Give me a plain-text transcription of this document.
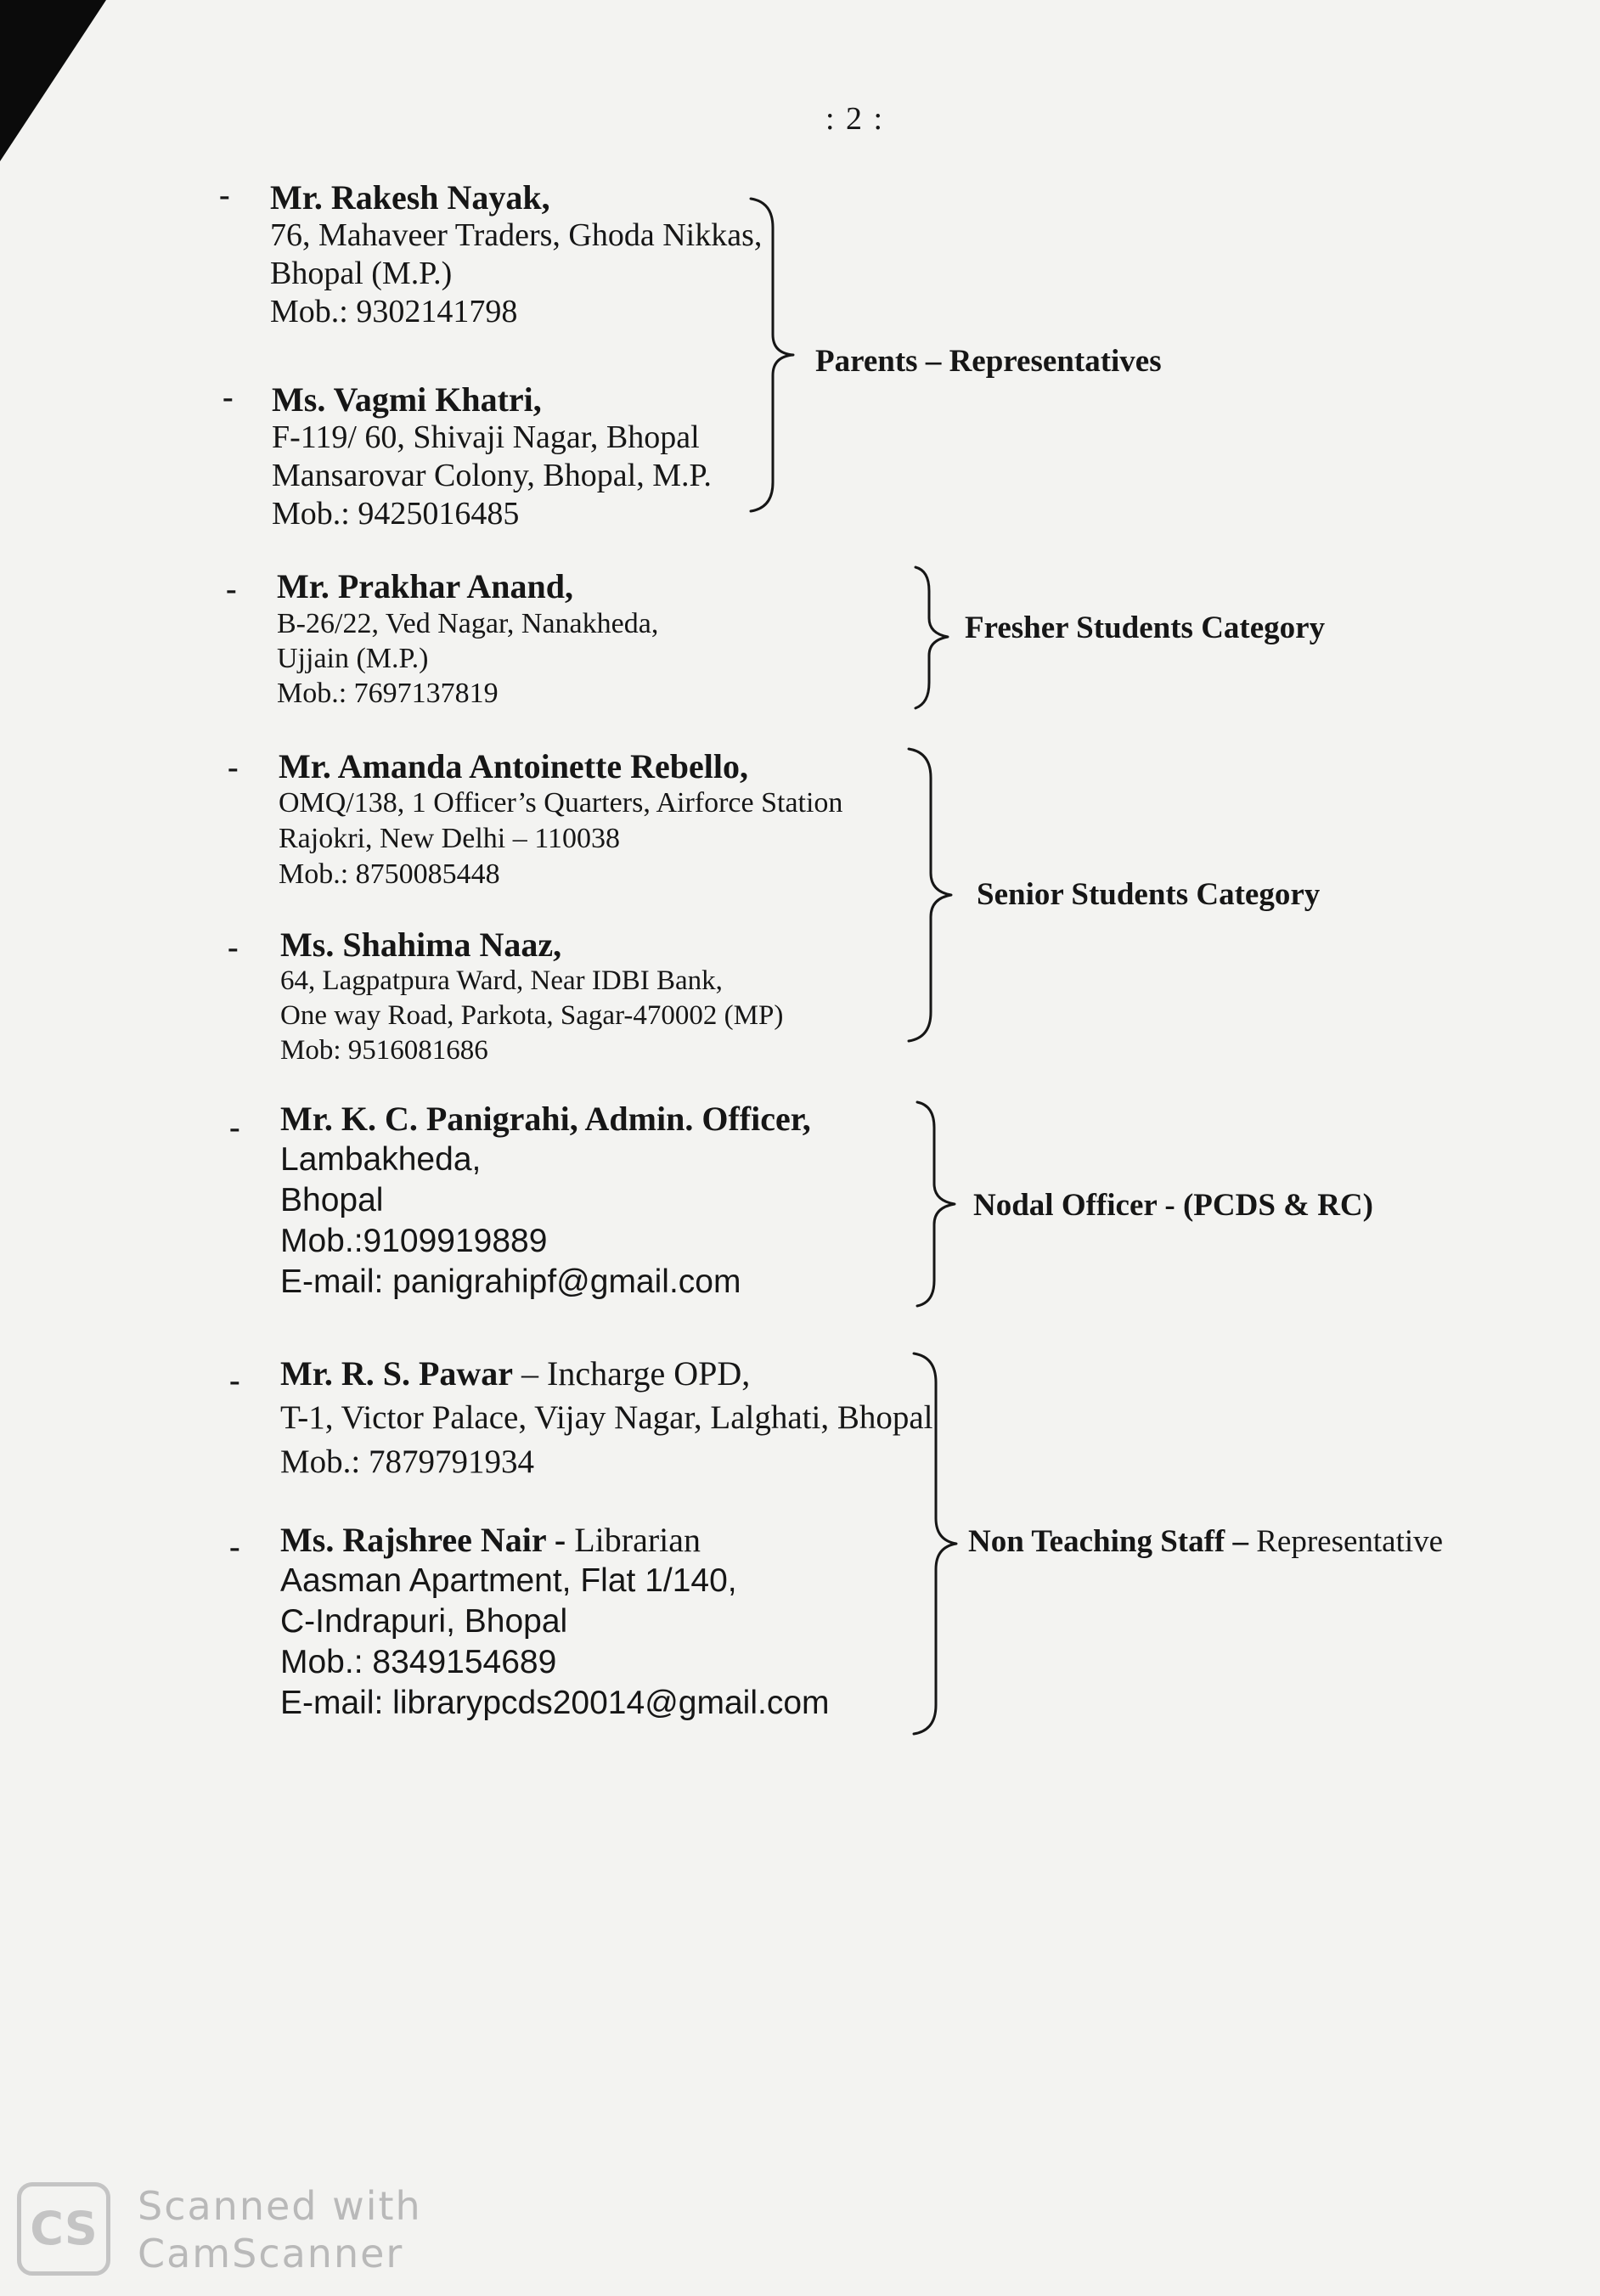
: 2 :
- Mr. Rakesh Nayak,
76, Mahaveer Traders, Ghoda Nikkas,
Bhopal (M.P.)
Mob.: 9302141798
- Ms. Vagmi Khatri,
F-119/ 60, Shivaji Nagar, Bhopal
Mansarovar Colony, Bhopal, M.P.
Mob.: 9425016485
- Mr. Prakhar Anand,
B-26/22, Ved Nagar, Nanakheda,
Ujjain (M.P.)
Mob.: 7697137819
- Mr. Amanda Antoinette Rebello,
OMQ/138, 1 Officer’s Quarters, Airforce Station
Rajokri, New Delhi – 110038
Mob.: 8750085448
- Ms. Shahima Naaz,
64, Lagpatpura Ward, Near IDBI Bank,
One way Road, Parkota, Sagar-470002 (MP)
Mob: 9516081686
- Mr. K. C. Panigrahi, Admin. Officer,
Lambakheda,
Bhopal
Mob.:9109919889
E-mail: panigrahipf@gmail.com
- Mr. R. S. Pawar – Incharge OPD,
T-1, Victor Palace, Vijay Nagar, Lalghati, Bhopal
Mob.: 7879791934
- Ms. Rajshree Nair - Librarian
Aasman Apartment, Flat 1/140,
C-Indrapuri, Bhopal
Mob.: 8349154689
E-mail: librarypcds20014@gmail.com
Parents – Representatives
Fresher Students Category
Senior Students Category
Nodal Officer - (PCDS & RC)
Non Teaching Staff – Representative
CS	Scanned with
CamScanner
